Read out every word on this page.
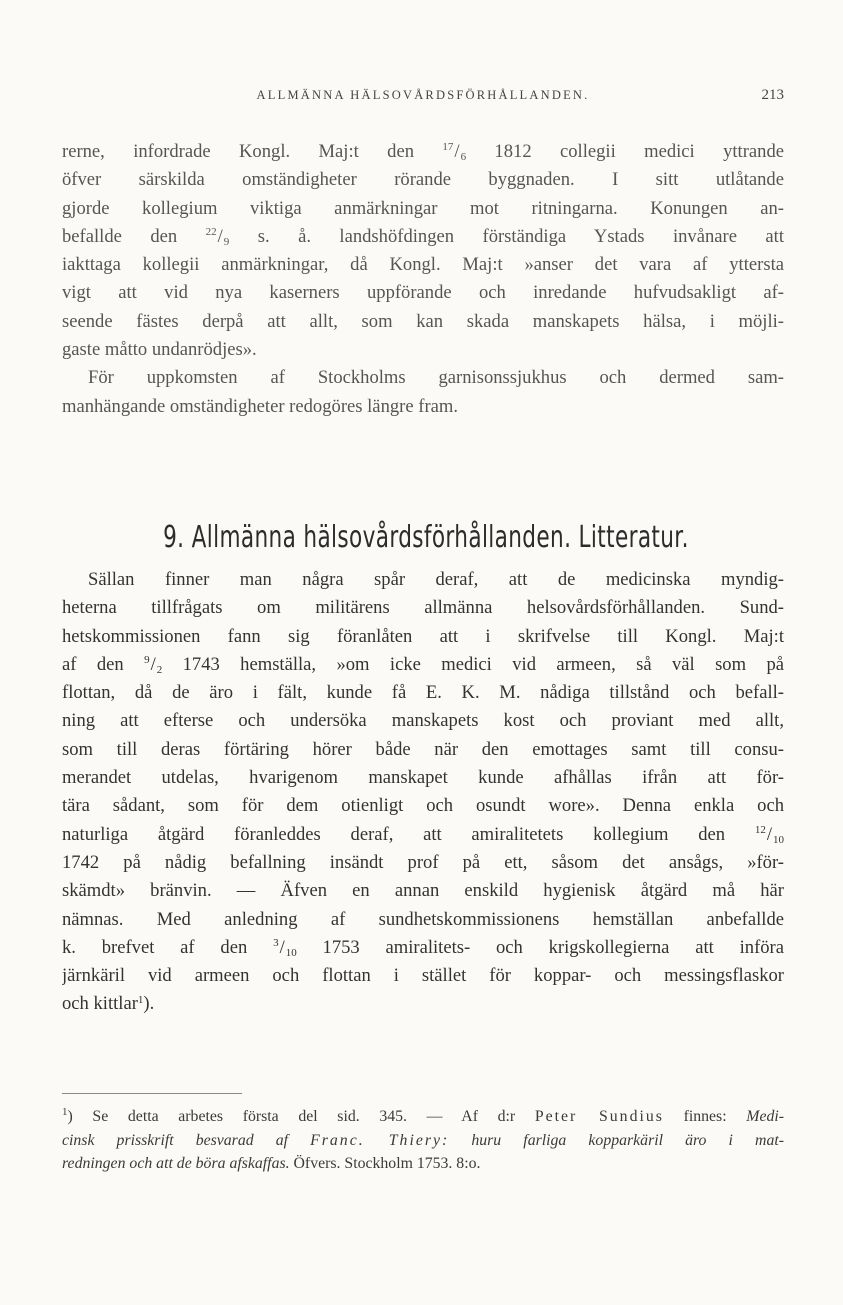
ALLMÄNNA HÄLSOVÅRDSFÖRHÅLLANDEN.	213
rerne, infordrade Kongl. Maj:t den $^{17}/_6$ 1812 collegii medici yttrande
öfver särskilda omständigheter rörande byggnaden. I sitt utlåtande
gjorde kollegium viktiga anmärkningar mot ritningarna. Konungen an-
befallde den $^{22}/_9$ s. å. landshöfdingen förständiga Ystads invånare att
iakttaga kollegii anmärkningar, då Kongl. Maj:t »anser det vara af yttersta
vigt att vid nya kaserners uppförande och inredande hufvudsakligt af-
seende fästes derpå att allt, som kan skada manskapets hälsa, i möjli-
gaste måtto undanrödjes».
För uppkomsten af Stockholms garnisonssjukhus och dermed sam-
manhängande omständigheter redogöres längre fram.
9. Allmänna hälsovårdsförhållanden. Litteratur.
Sällan finner man några spår deraf, att de medicinska myndig-
heterna tillfrågats om militärens allmänna helsovårdsförhållanden. Sund-
hetskommissionen fann sig föranlåten att i skrifvelse till Kongl. Maj:t
af den $^9/_2$ 1743 hemställa, »om icke medici vid armeen, så väl som på
flottan, då de äro i fält, kunde få E. K. M. nådiga tillstånd och befall-
ning att efterse och undersöka manskapets kost och proviant med allt,
som till deras förtäring hörer både när den emottages samt till consu-
merandet utdelas, hvarigenom manskapet kunde afhållas ifrån att för-
tära sådant, som för dem otienligt och osundt wore». Denna enkla och
naturliga åtgärd föranleddes deraf, att amiralitetets kollegium den $^{12}/_{10}$
1742 på nådig befallning insändt prof på ett, såsom det ansågs, »för-
skämdt» bränvin. — Äfven en annan enskild hygienisk åtgärd må här
nämnas. Med anledning af sundhetskommissionens hemställan anbefallde
k. brefvet af den $^3/_{10}$ 1753 amiralitets- och krigskollegierna att införa
järnkäril vid armeen och flottan i stället för koppar- och messingsflaskor
och kittlar$^1$).
$^1$) Se detta arbetes första del sid. 345. — Af d:r Peter Sundius finnes: Medi-
cinsk prisskrift besvarad af Franc. Thiery: huru farliga kopparkäril äro i mat-
redningen och att de böra afskaffas. Öfvers. Stockholm 1753. 8:o.
